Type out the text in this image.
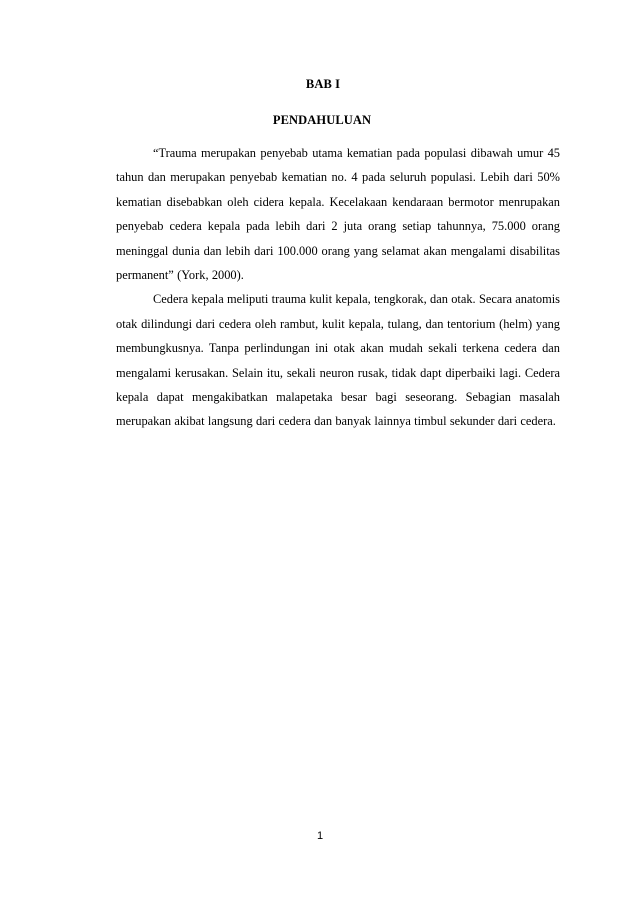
BAB I
PENDAHULUAN

“Trauma merupakan penyebab utama kematian pada populasi dibawah umur 45 tahun dan merupakan penyebab kematian no. 4 pada seluruh populasi. Lebih dari 50% kematian disebabkan oleh cidera kepala. Kecelakaan kendaraan bermotor menrupakan penyebab cedera kepala pada lebih dari 2 juta orang setiap tahunnya, 75.000 orang meninggal dunia dan lebih dari 100.000 orang yang selamat akan mengalami disabilitas permanent” (York, 2000).

Cedera kepala meliputi trauma kulit kepala, tengkorak, dan otak. Secara anatomis otak dilindungi dari cedera oleh rambut, kulit kepala, tulang, dan tentorium (helm) yang membungkusnya. Tanpa perlindungan ini otak akan mudah sekali terkena cedera dan mengalami kerusakan. Selain itu, sekali neuron rusak, tidak dapt diperbaiki lagi. Cedera kepala dapat mengakibatkan malapetaka besar bagi seseorang. Sebagian masalah merupakan akibat langsung dari cedera dan banyak lainnya timbul sekunder dari cedera.

1
